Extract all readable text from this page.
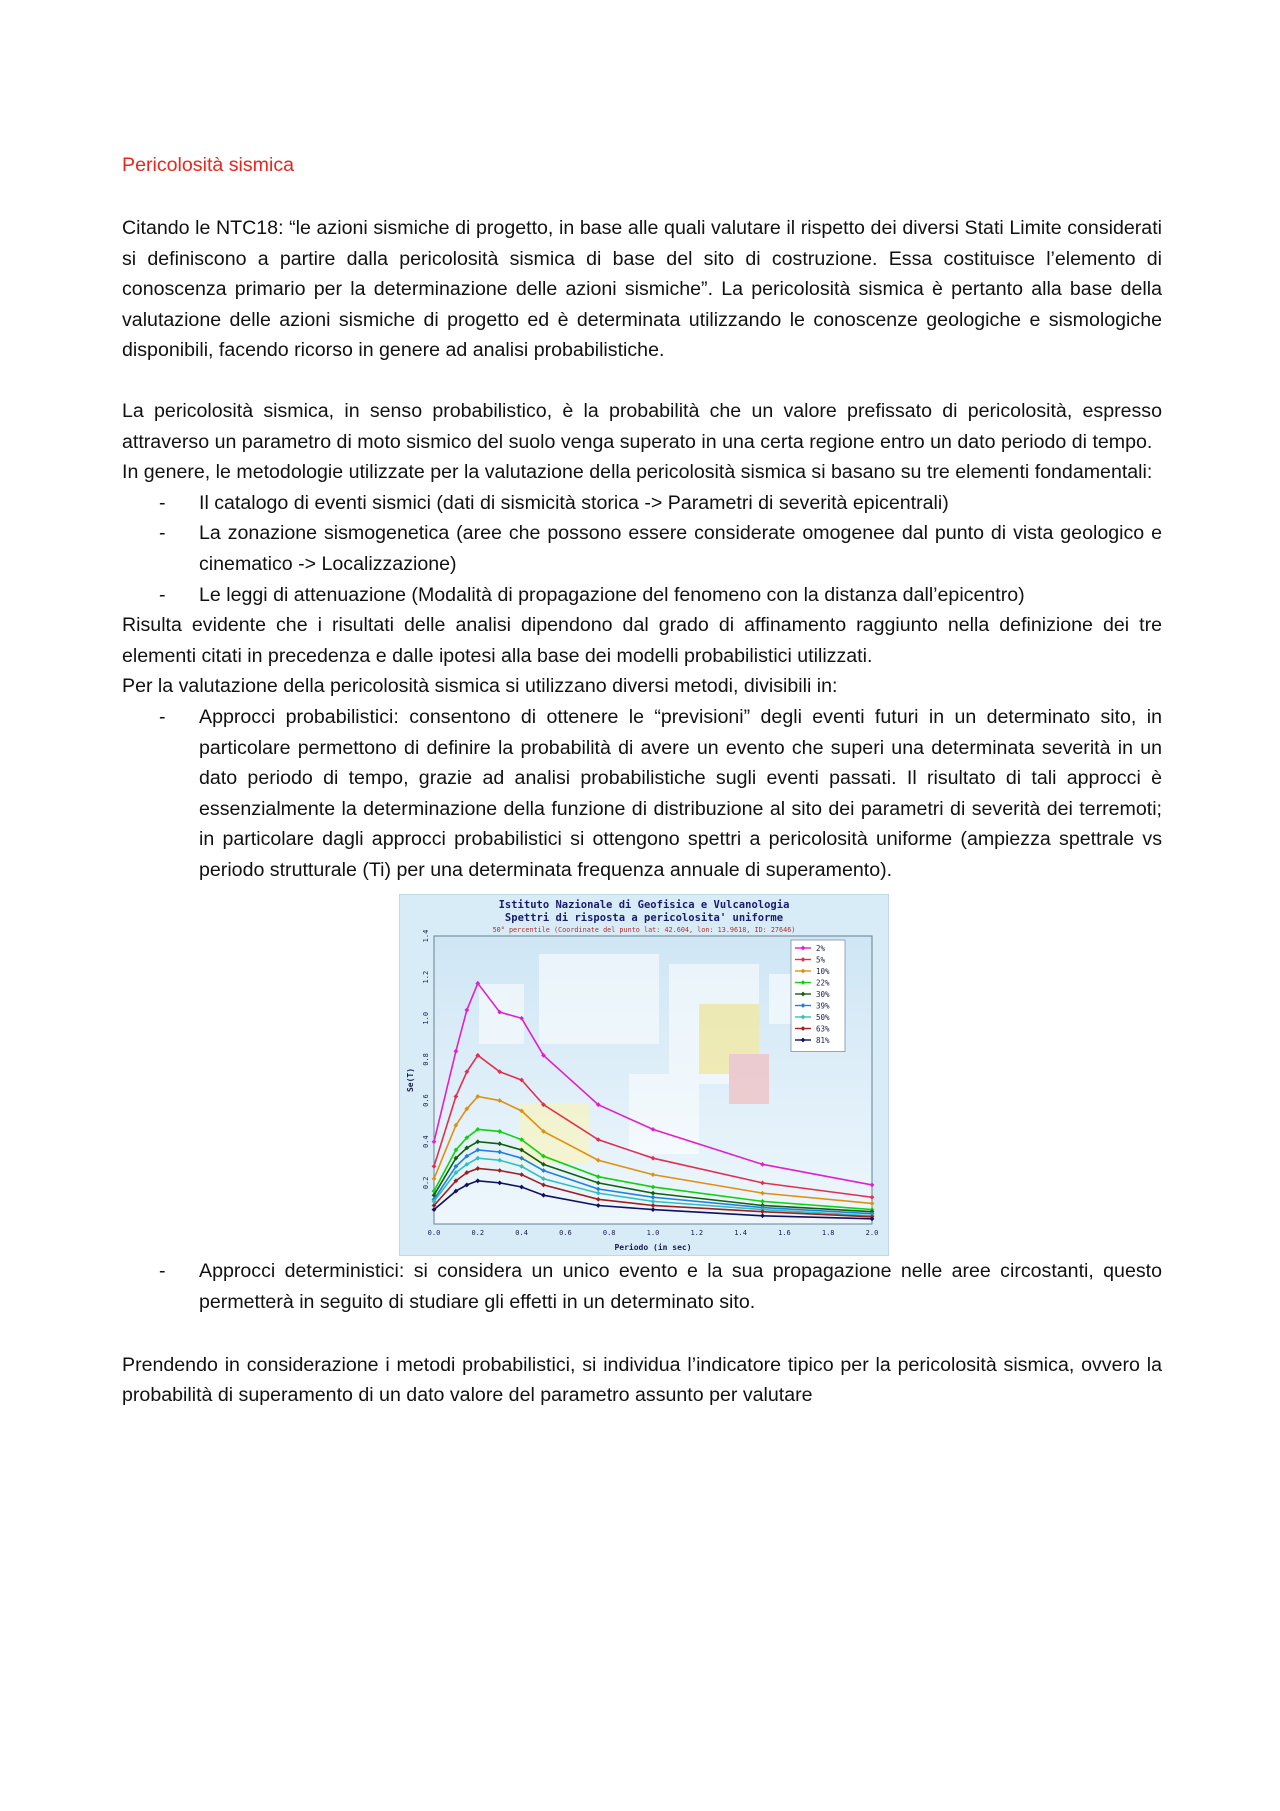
Pericolosità sismica

Citando le NTC18: “le azioni sismiche di progetto, in base alle quali valutare il rispetto dei diversi Stati Limite considerati si definiscono a partire dalla pericolosità sismica di base del sito di costruzione. Essa costituisce l’elemento di conoscenza primario per la determinazione delle azioni sismiche”. La pericolosità sismica è pertanto alla base della valutazione delle azioni sismiche di progetto ed è determinata utilizzando le conoscenze geologiche e sismologiche disponibili, facendo ricorso in genere ad analisi probabilistiche.

La pericolosità sismica, in senso probabilistico, è la probabilità che un valore prefissato di pericolosità, espresso attraverso un parametro di moto sismico del suolo venga superato in una certa regione entro un dato periodo di tempo.

In genere, le metodologie utilizzate per la valutazione della pericolosità sismica si basano su tre elementi fondamentali:

- Il catalogo di eventi sismici (dati di sismicità storica -> Parametri di severità epicentrali)
- La zonazione sismogenetica (aree che possono essere considerate omogenee dal punto di vista geologico e cinematico -> Localizzazione)
- Le leggi di attenuazione (Modalità di propagazione del fenomeno con la distanza dall’epicentro)

Risulta evidente che i risultati delle analisi dipendono dal grado di affinamento raggiunto nella definizione dei tre elementi citati in precedenza e dalle ipotesi alla base dei modelli probabilistici utilizzati.

Per la valutazione della pericolosità sismica si utilizzano diversi metodi, divisibili in:

- Approcci probabilistici: consentono di ottenere le “previsioni” degli eventi futuri in un determinato sito, in particolare permettono di definire la probabilità di avere un evento che superi una determinata severità in un dato periodo di tempo, grazie ad analisi probabilistiche sugli eventi passati. Il risultato di tali approcci è essenzialmente la determinazione della funzione di distribuzione al sito dei parametri di severità dei terremoti; in particolare dagli approcci probabilistici si ottengono spettri a pericolosità uniforme (ampiezza spettrale vs periodo strutturale (Ti) per una determinata frequenza annuale di superamento).
Istituto Nazionale di Geofisica e Vulcanologia
Spettri di risposta a pericolosita' uniforme
50° percentile (Coordinate del punto lat: 42.604, lon: 13.9618, ID: 27646)
Se(T)
Periodo (in sec)
0.0	0.2	0.4	0.6	0.8	1.0	1.2	1.4	1.6	1.8	2.0
0.2
0.4
0.6
0.8
1.0
1.2
1.4
2%
5%
10%
22%
30%
39%
50%
63%
81%
- Approcci deterministici: si considera un unico evento e la sua propagazione nelle aree circostanti, questo permetterà in seguito di studiare gli effetti in un determinato sito.

Prendendo in considerazione i metodi probabilistici, si individua l’indicatore tipico per la pericolosità sismica, ovvero la probabilità di superamento di un dato valore del parametro assunto per valutare
